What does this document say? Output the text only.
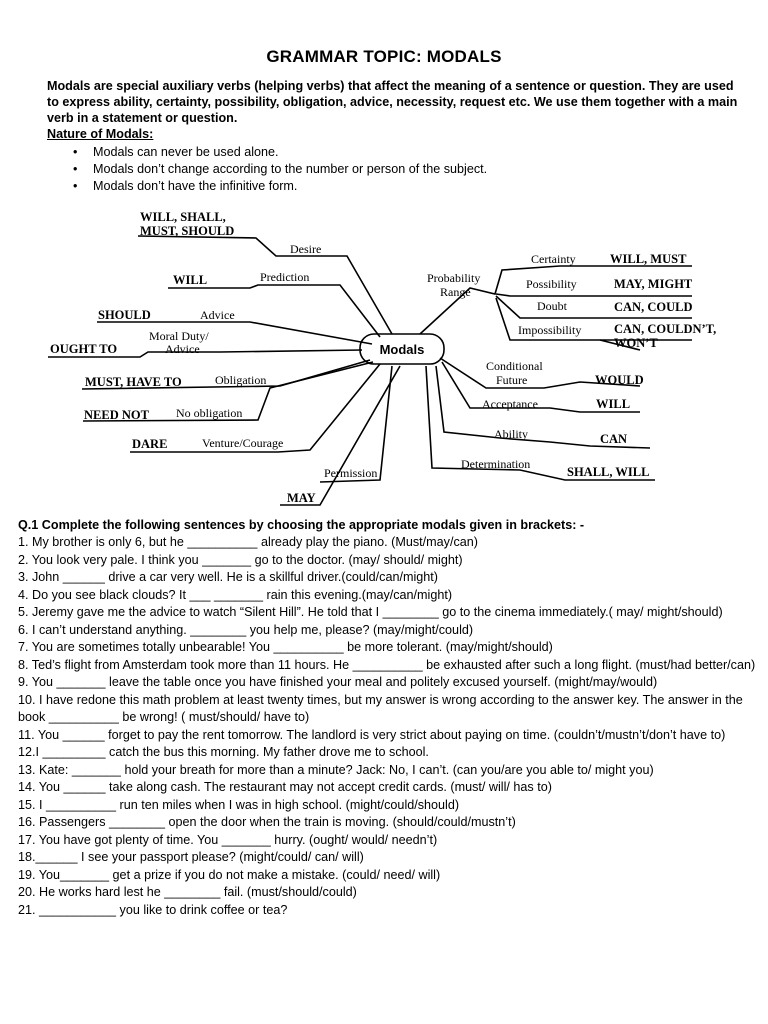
GRAMMAR TOPIC: MODALS
Modals are special auxiliary verbs (helping verbs) that affect the meaning of a sentence or question. They are used to express ability, certainty, possibility, obligation, advice, necessity, request etc. We use them together with a main verb in a statement or question.
Nature of Modals:
• Modals can never be used alone.
• Modals don’t change according to the number or person of the subject.
• Modals don’t have the infinitive form.
Modals
WILL, SHALL,
MUST, SHOULD
Desire
WILL	Prediction
SHOULD	Advice
Moral Duty/
Advice
OUGHT TO
MUST, HAVE TO	Obligation
NEED NOT No obligation
DARE	Venture/Courage
Permission
MAY
Probability
Range
Certainty	WILL, MUST
Possibility	MAY, MIGHT
Doubt	CAN, COULD
Impossibility	CAN, COULDN’T,
WON’T
Conditional
Future	WOULD
Acceptance	WILL
Ability	CAN
Determination
SHALL, WILL
Q.1 Complete the following sentences by choosing the appropriate modals given in brackets: -
1. My brother is only 6, but he __________ already play the piano. (Must/may/can)
2. You look very pale. I think you _______ go to the doctor. (may/ should/ might)
3. John ______ drive a car very well. He is a skillful driver.(could/can/might)
4. Do you see black clouds? It ___ _______ rain this evening.(may/can/might)
5. Jeremy gave me the advice to watch “Silent Hill”. He told that I ________ go to the cinema immediately.( may/ might/should)
6. I can’t understand anything. ________ you help me, please? (may/might/could)
7. You are sometimes totally unbearable! You __________ be more tolerant. (may/might/should)
8. Ted’s flight from Amsterdam took more than 11 hours. He __________ be exhausted after such a long flight. (must/had better/can)
9. You _______ leave the table once you have finished your meal and politely excused yourself. (might/may/would)
10. I have redone this math problem at least twenty times, but my answer is wrong according to the answer key. The answer in the book __________ be wrong! ( must/should/ have to)
11. You ______ forget to pay the rent tomorrow. The landlord is very strict about paying on time. (couldn’t/mustn’t/don’t have to)
12.I _________ catch the bus this morning. My father drove me to school.
13. Kate: _______ hold your breath for more than a minute? Jack: No, I can’t. (can you/are you able to/ might you)
14. You ______ take along cash. The restaurant may not accept credit cards. (must/ will/ has to)
15. I __________ run ten miles when I was in high school. (might/could/should)
16. Passengers ________ open the door when the train is moving. (should/could/mustn’t)
17. You have got plenty of time. You _______ hurry. (ought/ would/ needn’t)
18.______ I see your passport please? (might/could/ can/ will)
19. You_______ get a prize if you do not make a mistake. (could/ need/ will)
20. He works hard lest he ________ fail. (must/should/could)
21. ___________ you like to drink coffee or tea?
